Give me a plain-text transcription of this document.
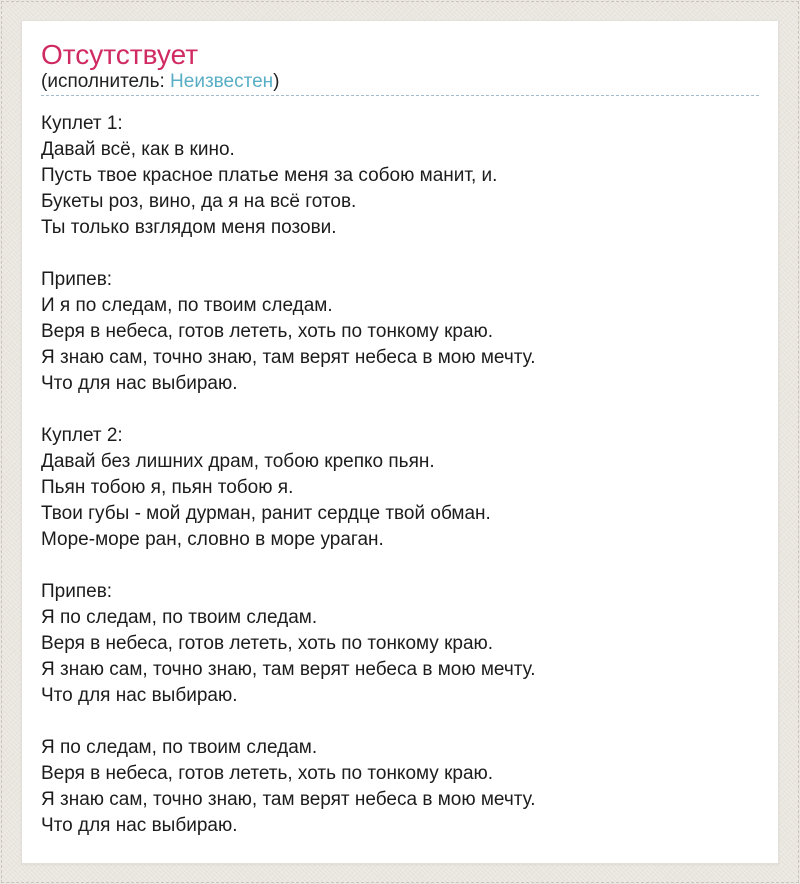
Отсутствует

(исполнитель: Неизвестен)

Куплет 1:
Давай всё, как в кино.
Пусть твое красное платье меня за собою манит, и.
Букеты роз, вино, да я на всё готов.
Ты только взглядом меня позови.
Припев:
И я по следам, по твоим следам.
Веря в небеса, готов лететь, хоть по тонкому краю.
Я знаю сам, точно знаю, там верят небеса в мою мечту.
Что для нас выбираю.
Куплет 2:
Давай без лишних драм, тобою крепко пьян.
Пьян тобою я, пьян тобою я.
Твои губы - мой дурман, ранит сердце твой обман.
Море-море ран, словно в море ураган.
Припев:
Я по следам, по твоим следам.
Веря в небеса, готов лететь, хоть по тонкому краю.
Я знаю сам, точно знаю, там верят небеса в мою мечту.
Что для нас выбираю.
Я по следам, по твоим следам.
Веря в небеса, готов лететь, хоть по тонкому краю.
Я знаю сам, точно знаю, там верят небеса в мою мечту.
Что для нас выбираю.
